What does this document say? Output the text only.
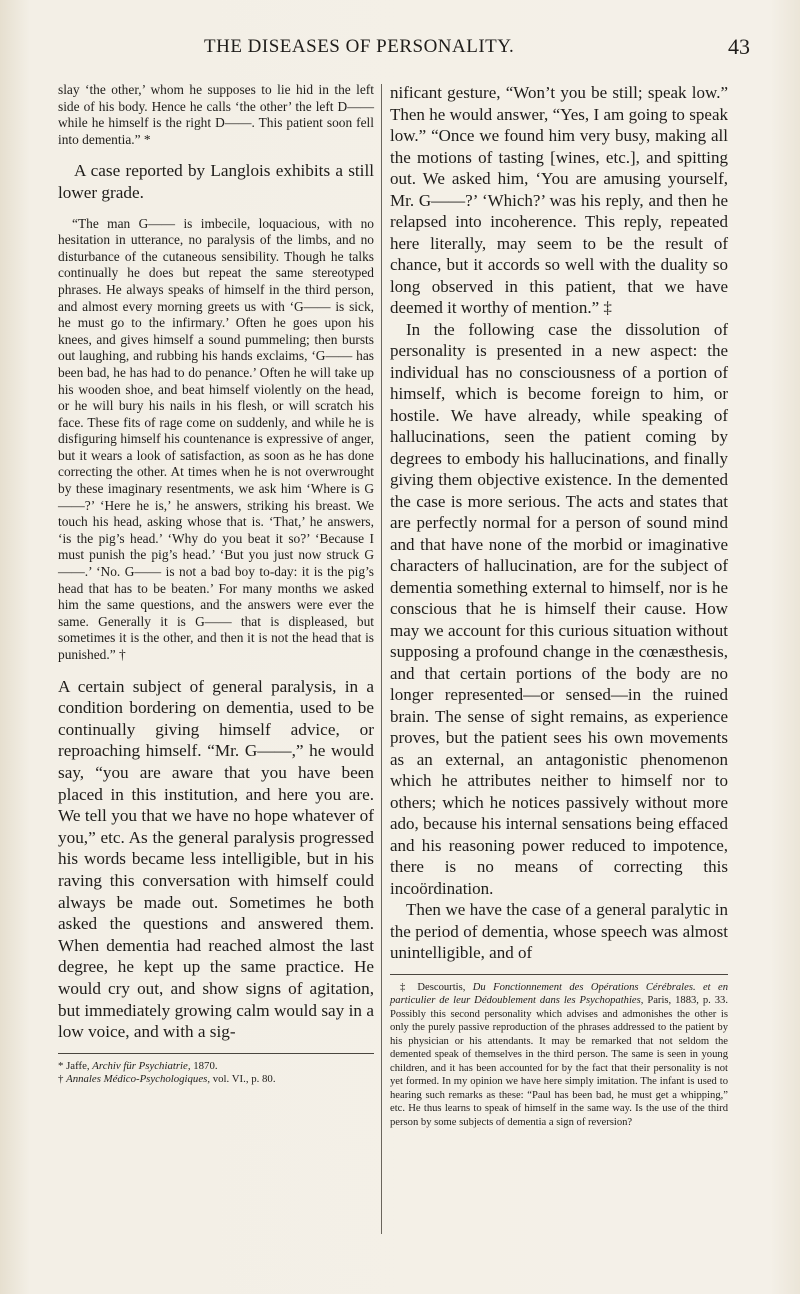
THE DISEASES OF PERSONALITY.	43

slay ‘the other,’ whom he supposes to lie hid in the left side of his body. Hence he calls ‘the other’ the left D—— while he himself is the right D——. This patient soon fell into dementia.” *

A case reported by Langlois exhibits a still lower grade.

“The man G—— is imbecile, loquacious, with no hesitation in utterance, no paralysis of the limbs, and no disturbance of the cutaneous sensibility. Though he talks continually he does but repeat the same stereotyped phrases. He always speaks of himself in the third person, and almost every morning greets us with ‘G—— is sick, he must go to the infirmary.’ Often he goes upon his knees, and gives himself a sound pummeling; then bursts out laughing, and rubbing his hands exclaims, ‘G—— has been bad, he has had to do penance.’ Often he will take up his wooden shoe, and beat himself violently on the head, or he will bury his nails in his flesh, or will scratch his face. These fits of rage come on suddenly, and while he is disfiguring himself his countenance is expressive of anger, but it wears a look of satisfaction, as soon as he has done correcting the other. At times when he is not overwrought by these imaginary resentments, we ask him ‘Where is G——?’ ‘Here he is,’ he answers, striking his breast. We touch his head, asking whose that is. ‘That,’ he answers, ‘is the pig’s head.’ ‘Why do you beat it so?’ ‘Because I must punish the pig’s head.’ ‘But you just now struck G——.’ ‘No. G—— is not a bad boy to-day: it is the pig’s head that has to be beaten.’ For many months we asked him the same questions, and the answers were ever the same. Generally it is G—— that is displeased, but sometimes it is the other, and then it is not the head that is punished.” †

A certain subject of general paralysis, in a condition bordering on dementia, used to be continually giving himself advice, or reproaching himself. “Mr. G——,” he would say, “you are aware that you have been placed in this institution, and here you are. We tell you that we have no hope whatever of you,” etc. As the general paralysis progressed his words became less intelligible, but in his raving this conversation with himself could always be made out. Sometimes he both asked the questions and answered them. When dementia had reached almost the last degree, he kept up the same practice. He would cry out, and show signs of agitation, but immediately growing calm would say in a low voice, and with a sig-

* Jaffe, Archiv für Psychiatrie, 1870.

† Annales Médico-Psychologiques, vol. VI., p. 80.

nificant gesture, “Won’t you be still; speak low.” Then he would answer, “Yes, I am going to speak low.” “Once we found him very busy, making all the motions of tasting [wines, etc.], and spitting out. We asked him, ‘You are amusing yourself, Mr. G——?’ ‘Which?’ was his reply, and then he relapsed into incoherence. This reply, repeated here literally, may seem to be the result of chance, but it accords so well with the duality so long observed in this patient, that we have deemed it worthy of mention.” ‡

In the following case the dissolution of personality is presented in a new aspect: the individual has no consciousness of a portion of himself, which is become foreign to him, or hostile. We have already, while speaking of hallucinations, seen the patient coming by degrees to embody his hallucinations, and finally giving them objective existence. In the demented the case is more serious. The acts and states that are perfectly normal for a person of sound mind and that have none of the morbid or imaginative characters of hallucination, are for the subject of dementia something external to himself, nor is he conscious that he is himself their cause. How may we account for this curious situation without supposing a profound change in the cœnæsthesis, and that certain portions of the body are no longer represented—or sensed—in the ruined brain. The sense of sight remains, as experience proves, but the patient sees his own movements as an external, an antagonistic phenomenon which he attributes neither to himself nor to others; which he notices passively without more ado, because his internal sensations being effaced and his reasoning power reduced to impotence, there is no means of correcting this incoördination.

Then we have the case of a general paralytic in the period of dementia, whose speech was almost unintelligible, and of

‡ Descourtis, Du Fonctionnement des Opérations Cérébrales. et en particulier de leur Dédoublement dans les Psychopathies, Paris, 1883, p. 33. Possibly this second personality which advises and admonishes the other is only the purely passive reproduction of the phrases addressed to the patient by his physician or his attendants. It may be remarked that not seldom the demented speak of themselves in the third person. The same is seen in young children, and it has been accounted for by the fact that their personality is not yet formed. In my opinion we have here simply imitation. The infant is used to hearing such remarks as these: “Paul has been bad, he must get a whipping,” etc. He thus learns to speak of himself in the same way. Is the use of the third person by some subjects of dementia a sign of reversion?
